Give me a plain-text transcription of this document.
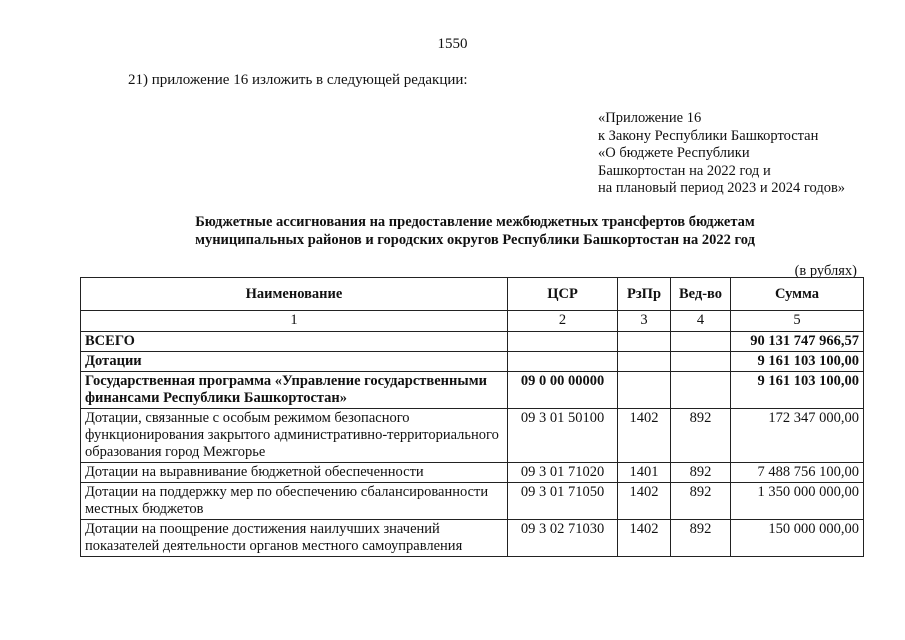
1550
21) приложение 16 изложить в следующей редакции:
«Приложение 16
к Закону Республики Башкортостан
«О бюджете Республики
Башкортостан на 2022 год и
на плановый период 2023 и 2024 годов»
Бюджетные ассигнования на предоставление межбюджетных трансфертов бюджетам
муниципальных районов и городских округов Республики Башкортостан на 2022 год
(в рублях)
Наименование	ЦСР	РзПр	Вед-во	Сумма
1	2	3	4	5
ВСЕГО				90 131 747 966,57
Дотации				9 161 103 100,00
Государственная программа «Управление государственными финансами Республики Башкортостан»	09 0 00 00000			9 161 103 100,00
Дотации, связанные с особым режимом безопасного функционирования закрытого административно-территориального образования город Межгорье	09 3 01 50100	1402	892	172 347 000,00
Дотации на выравнивание бюджетной обеспеченности	09 3 01 71020	1401	892	7 488 756 100,00
Дотации на поддержку мер по обеспечению сбалансированности местных бюджетов	09 3 01 71050	1402	892	1 350 000 000,00
Дотации на поощрение достижения наилучших значений показателей деятельности органов местного самоуправления	09 3 02 71030	1402	892	150 000 000,00
